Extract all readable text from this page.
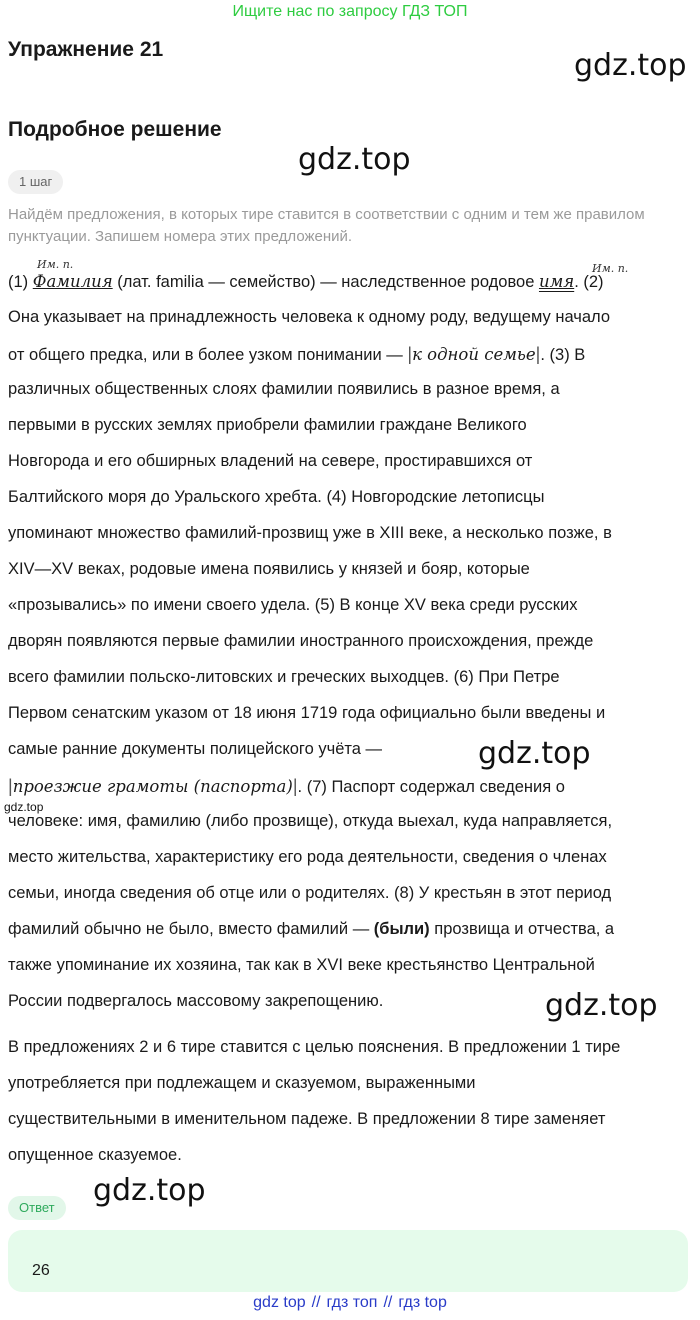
Ищите нас по запросу ГДЗ ТОП
Упражнение 21	gdz.top
Подробное решение
gdz.top
1 шаг
Найдём предложения, в которых тире ставится в соответствии с одним и тем же правилом пунктуации. Запишем номера этих предложений.
Им. п.	Им. п.
(1) Фамилия (лат. familia — семейство) — наследственное родовое имя. (2)
Она указывает на принадлежность человека к одному роду, ведущему начало
от общего предка, или в более узком понимании — |к одной семье|. (3) В
различных общественных слоях фамилии появились в разное время, а
первыми в русских землях приобрели фамилии граждане Великого
Новгорода и его обширных владений на севере, простиравшихся от
Балтийского моря до Уральского хребта. (4) Новгородские летописцы
упоминают множество фамилий-прозвищ уже в XIII веке, а несколько позже, в
XIV—XV веках, родовые имена появились у князей и бояр, которые
«прозывались» по имени своего удела. (5) В конце XV века среди русских
дворян появляются первые фамилии иностранного происхождения, прежде
всего фамилии польско-литовских и греческих выходцев. (6) При Петре
Первом сенатским указом от 18 июня 1719 года официально были введены и
самые ранние документы полицейского учёта —	gdz.top
|проезжие грамоты (паспорта)|. (7) Паспорт содержал сведения о
gdz.top
человеке: имя, фамилию (либо прозвище), откуда выехал, куда направляется,
место жительства, характеристику его рода деятельности, сведения о членах
семьи, иногда сведения об отце или о родителях. (8) У крестьян в этот период
фамилий обычно не было, вместо фамилий — (были) прозвища и отчества, а
также упоминание их хозяина, так как в XVI веке крестьянство Центральной
России подвергалось массовому закрепощению.	gdz.top
В предложениях 2 и 6 тире ставится с целью пояснения. В предложении 1 тире
употребляется при подлежащем и сказуемом, выраженными
существительными в именительном падеже. В предложении 8 тире заменяет
опущенное сказуемое.
gdz.top
Ответ
26
gdz top // гдз топ // гдз top
